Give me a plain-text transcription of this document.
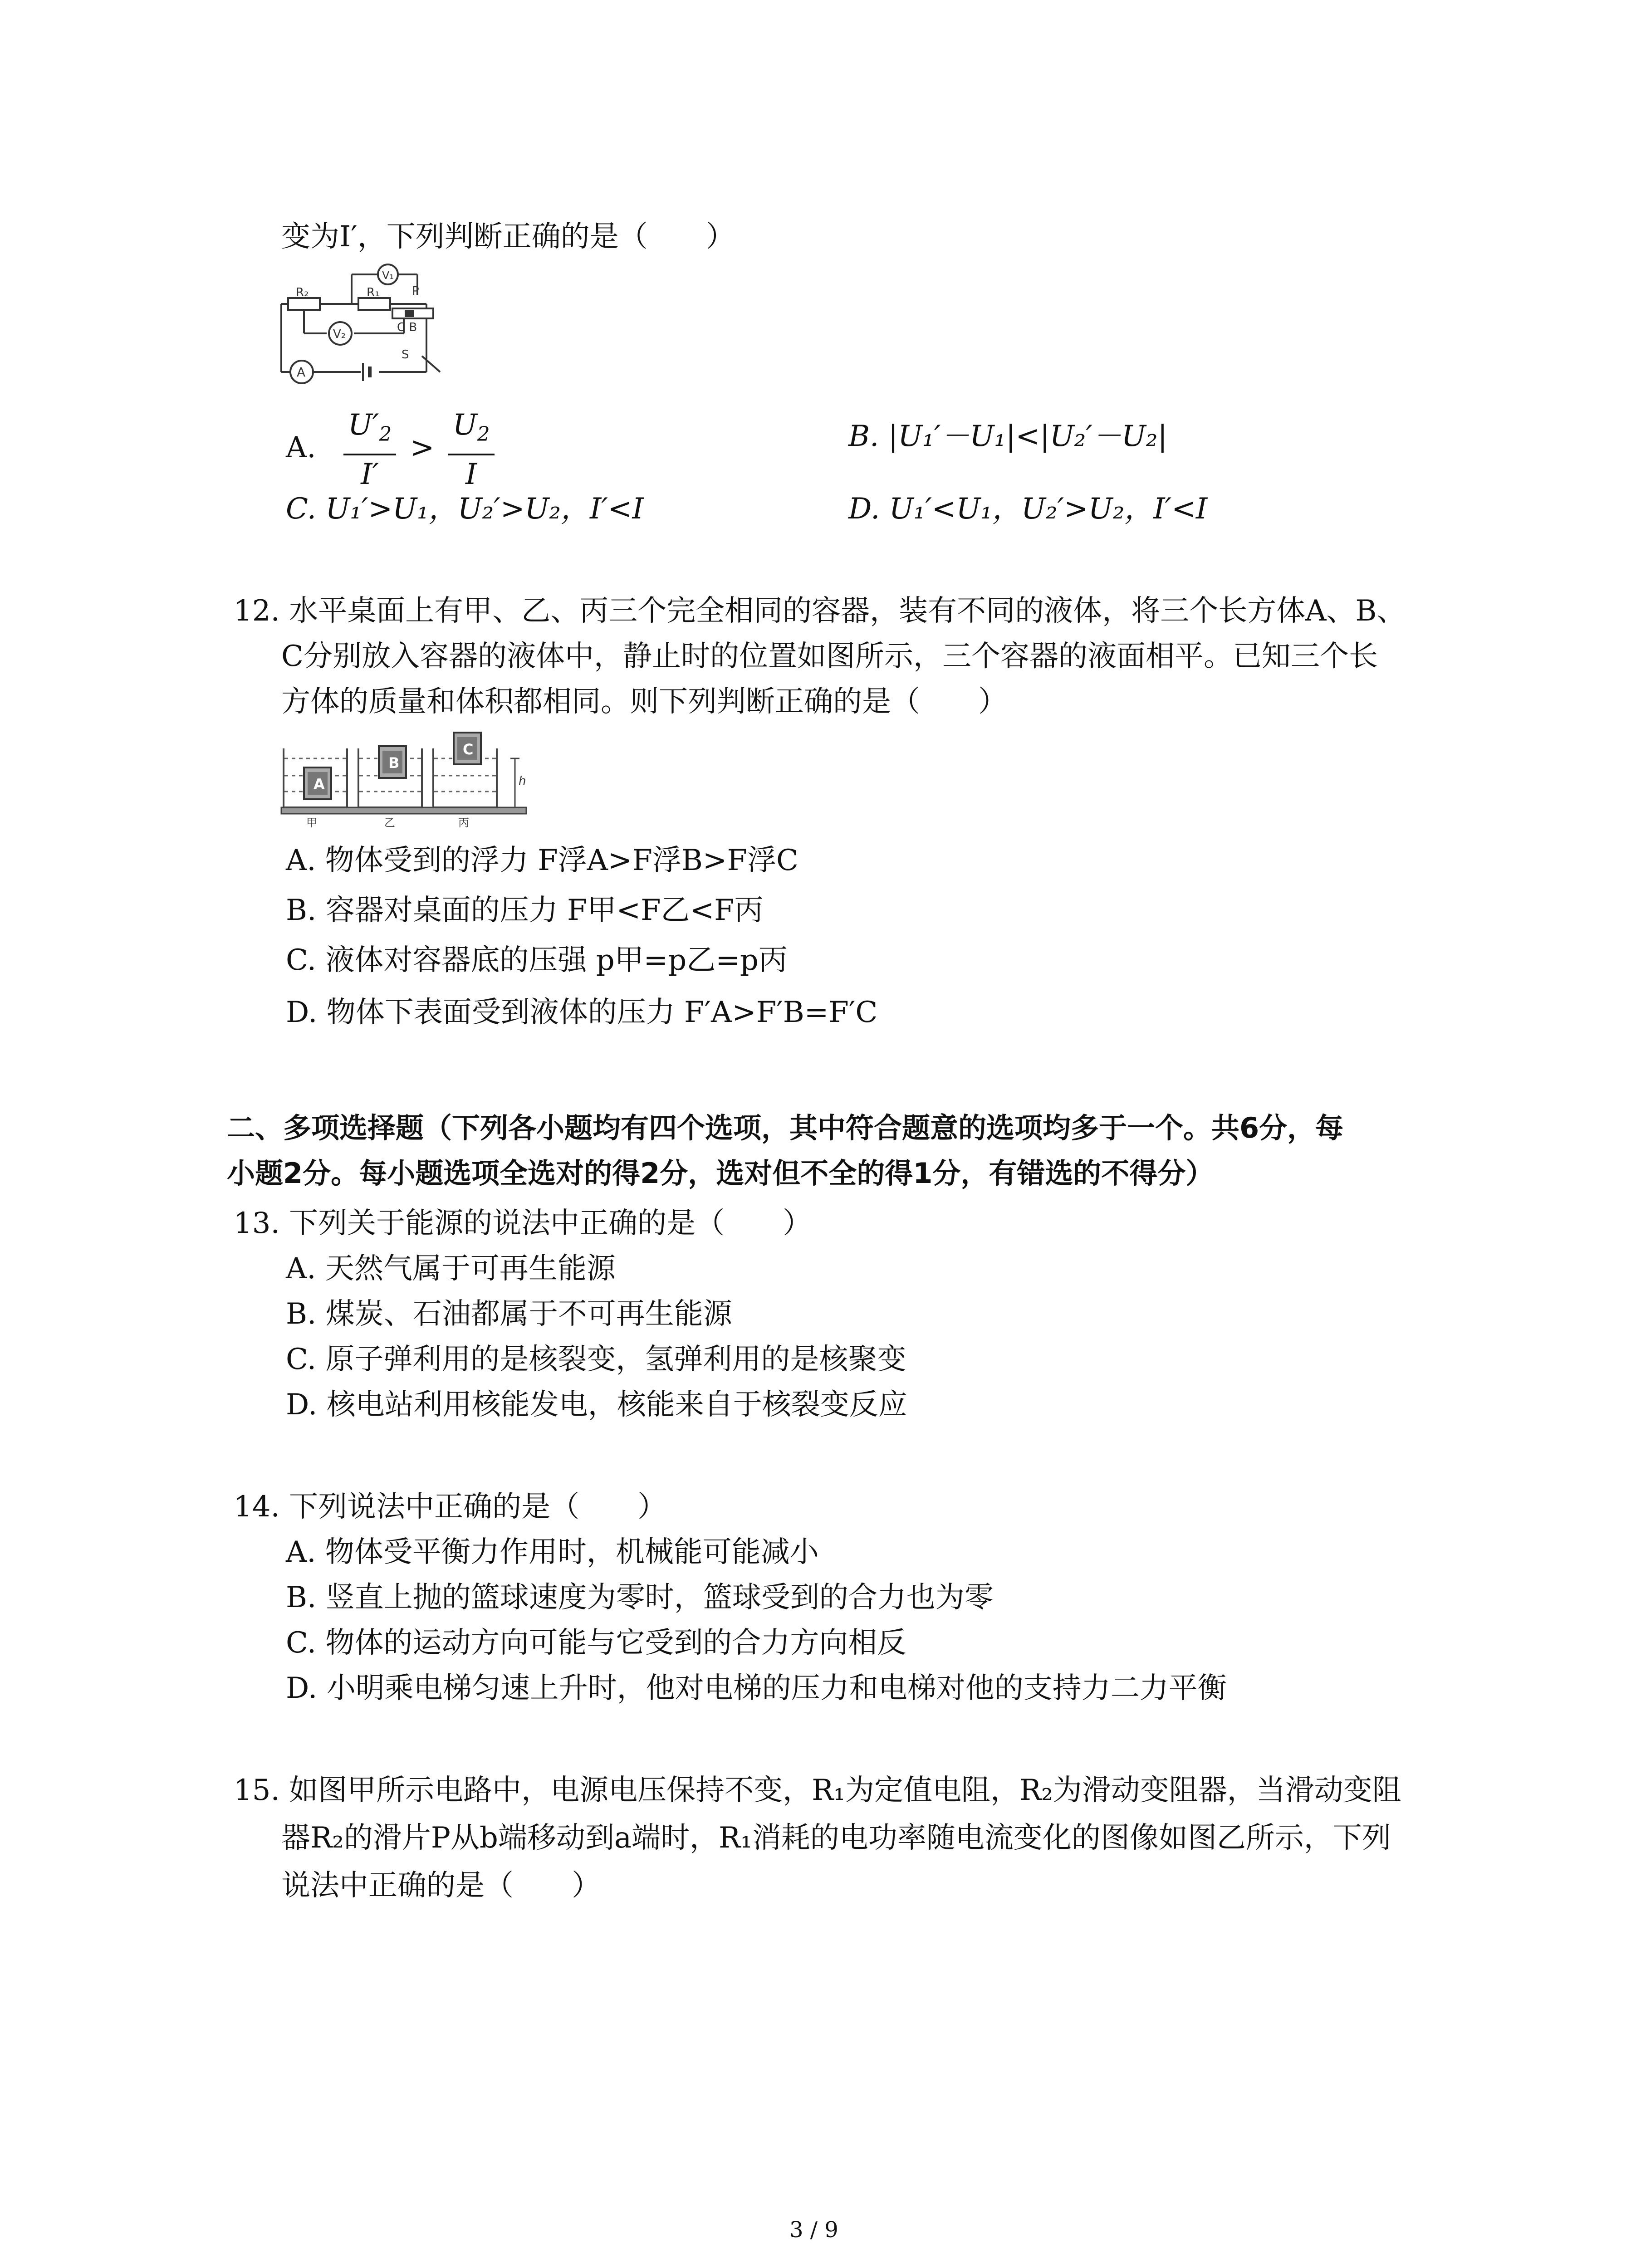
变为I′，下列判断正确的是（　　）
R₂	R₁
V₁
V₂
P
C B
A
S
A. $\frac{U'_2}{I'} > \frac{U_2}{I}$	B. |U₁′－U₁|<|U₂′－U₂|
C. U₁′>U₁，U₂′>U₂，I′<I	D. U₁′<U₁，U₂′>U₂，I′<I
12. 水平桌面上有甲、乙、丙三个完全相同的容器，装有不同的液体，将三个长方体A、B、
C分别放入容器的液体中，静止时的位置如图所示，三个容器的液面相平。已知三个长
方体的质量和体积都相同。则下列判断正确的是（　　）
A
B
C
h
甲	乙	丙
A. 物体受到的浮力 F浮A>F浮B>F浮C
B. 容器对桌面的压力 F甲<F乙<F丙
C. 液体对容器底的压强 p甲=p乙=p丙
D. 物体下表面受到液体的压力 F′A>F′B=F′C
二、多项选择题（下列各小题均有四个选项，其中符合题意的选项均多于一个。共6分，每
小题2分。每小题选项全选对的得2分，选对但不全的得1分，有错选的不得分）
13. 下列关于能源的说法中正确的是（　　）
A. 天然气属于可再生能源
B. 煤炭、石油都属于不可再生能源
C. 原子弹利用的是核裂变，氢弹利用的是核聚变
D. 核电站利用核能发电，核能来自于核裂变反应
14. 下列说法中正确的是（　　）
A. 物体受平衡力作用时，机械能可能减小
B. 竖直上抛的篮球速度为零时，篮球受到的合力也为零
C. 物体的运动方向可能与它受到的合力方向相反
D. 小明乘电梯匀速上升时，他对电梯的压力和电梯对他的支持力二力平衡
15. 如图甲所示电路中，电源电压保持不变，R₁为定值电阻，R₂为滑动变阻器，当滑动变阻
器R₂的滑片P从b端移动到a端时，R₁消耗的电功率随电流变化的图像如图乙所示，下列
说法中正确的是（　　）
3 / 9
